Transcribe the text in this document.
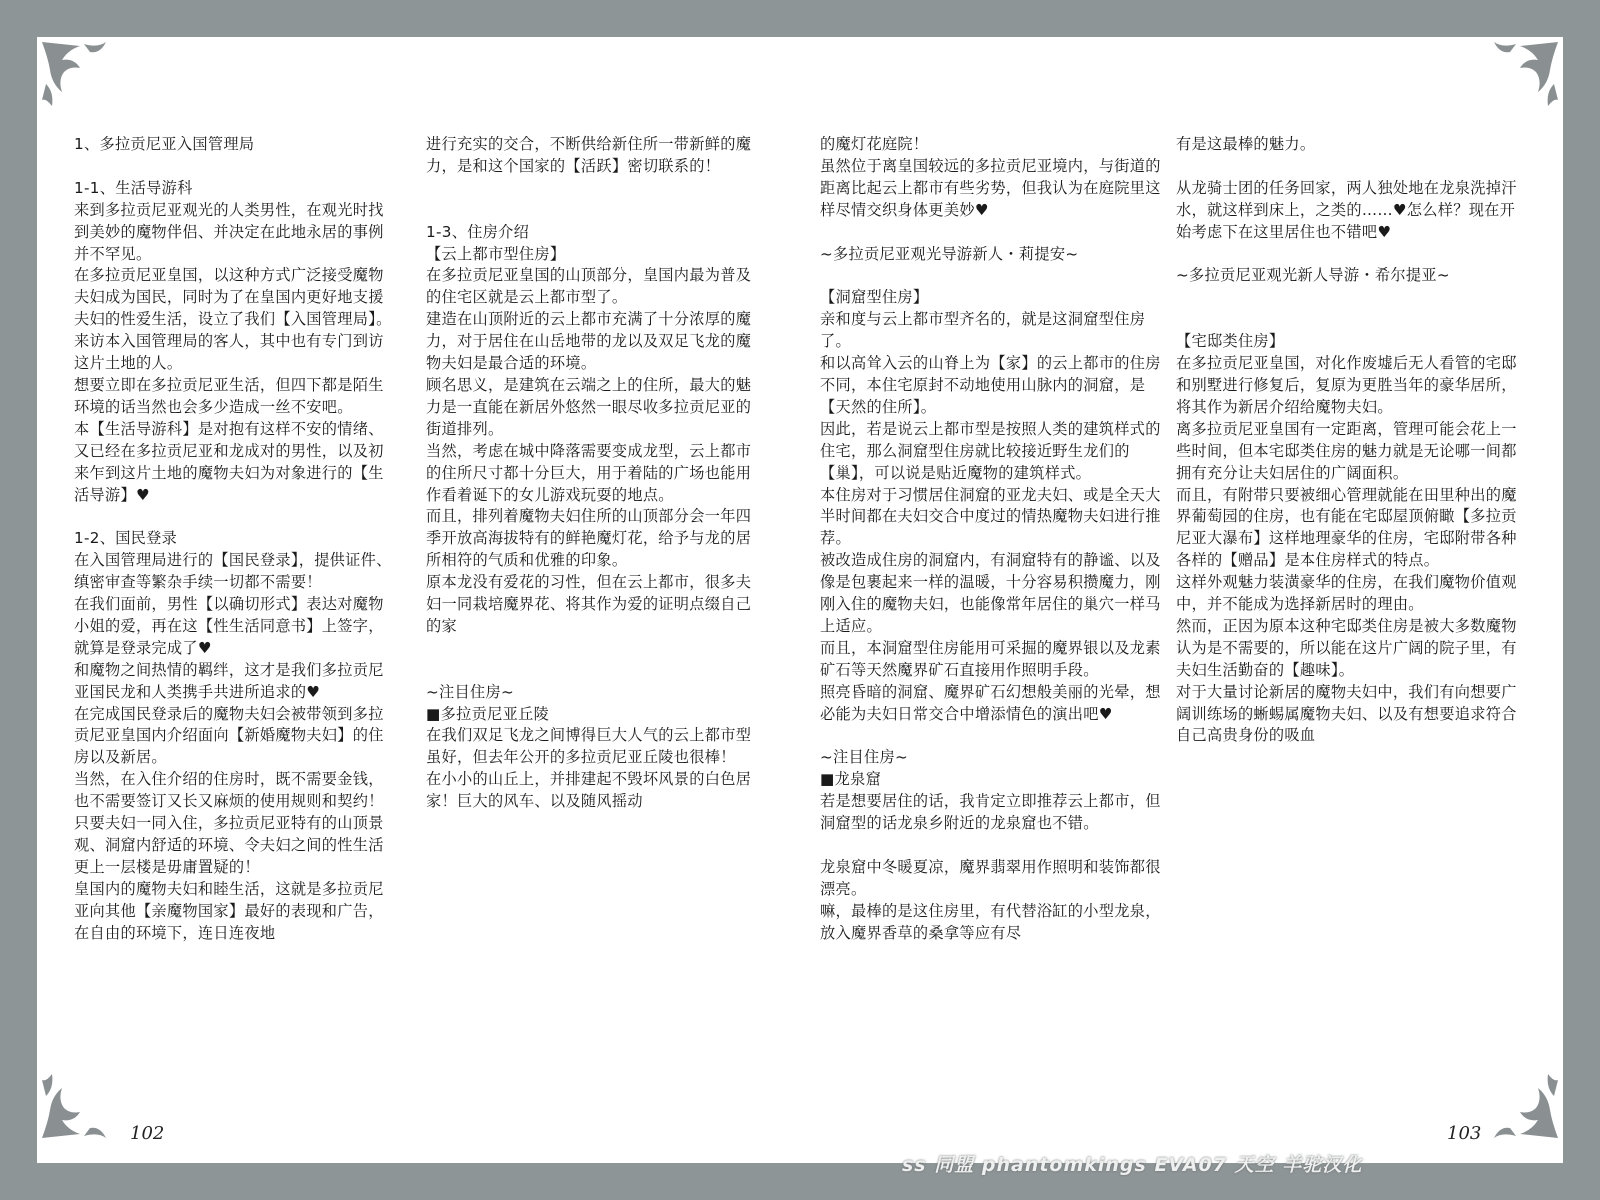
1、多拉贡尼亚入国管理局

1-1、生活导游科

来到多拉贡尼亚观光的人类男性，在观光时找到美妙的魔物伴侣、并决定在此地永居的事例并不罕见。

在多拉贡尼亚皇国，以这种方式广泛接受魔物夫妇成为国民，同时为了在皇国内更好地支援夫妇的性爱生活，设立了我们【入国管理局】。

来访本入国管理局的客人，其中也有专门到访这片土地的人。

想要立即在多拉贡尼亚生活，但四下都是陌生环境的话当然也会多少造成一丝不安吧。

本【生活导游科】是对抱有这样不安的情绪、又已经在多拉贡尼亚和龙成对的男性，以及初来乍到这片土地的魔物夫妇为对象进行的【生活导游】♥

1-2、国民登录

在入国管理局进行的【国民登录】，提供证件、缜密审查等繁杂手续一切都不需要！

在我们面前，男性【以确切形式】表达对魔物小姐的爱，再在这【性生活同意书】上签字，就算是登录完成了♥

和魔物之间热情的羁绊，这才是我们多拉贡尼亚国民龙和人类携手共进所追求的♥

在完成国民登录后的魔物夫妇会被带领到多拉贡尼亚皇国内介绍面向【新婚魔物夫妇】的住房以及新居。

当然，在入住介绍的住房时，既不需要金钱，也不需要签订又长又麻烦的使用规则和契约！

只要夫妇一同入住，多拉贡尼亚特有的山顶景观、洞窟内舒适的环境、令夫妇之间的性生活更上一层楼是毋庸置疑的！

皇国内的魔物夫妇和睦生活，这就是多拉贡尼亚向其他【亲魔物国家】最好的表现和广告，在自由的环境下，连日连夜地

进行充实的交合，不断供给新住所一带新鲜的魔力，是和这个国家的【活跃】密切联系的！

1-3、住房介绍

【云上都市型住房】

在多拉贡尼亚皇国的山顶部分，皇国内最为普及的住宅区就是云上都市型了。

建造在山顶附近的云上都市充满了十分浓厚的魔力，对于居住在山岳地带的龙以及双足飞龙的魔物夫妇是最合适的环境。

顾名思义，是建筑在云端之上的住所，最大的魅力是一直能在新居外悠然一眼尽收多拉贡尼亚的街道排列。

当然，考虑在城中降落需要变成龙型，云上都市的住所尺寸都十分巨大，用于着陆的广场也能用作看着诞下的女儿游戏玩耍的地点。

而且，排列着魔物夫妇住所的山顶部分会一年四季开放高海拔特有的鲜艳魔灯花，给予与龙的居所相符的气质和优雅的印象。

原本龙没有爱花的习性，但在云上都市，很多夫妇一同栽培魔界花、将其作为爱的证明点缀自己的家

~注目住房~

■多拉贡尼亚丘陵

在我们双足飞龙之间博得巨大人气的云上都市型虽好，但去年公开的多拉贡尼亚丘陵也很棒！

在小小的山丘上，并排建起不毁坏风景的白色居家！巨大的风车、以及随风摇动

的魔灯花庭院！

虽然位于离皇国较远的多拉贡尼亚境内，与街道的距离比起云上都市有些劣势，但我认为在庭院里这样尽情交织身体更美妙♥

~多拉贡尼亚观光导游新人・莉提安~

【洞窟型住房】

亲和度与云上都市型齐名的，就是这洞窟型住房了。

和以高耸入云的山脊上为【家】的云上都市的住房不同，本住宅原封不动地使用山脉内的洞窟，是【天然的住所】。

因此，若是说云上都市型是按照人类的建筑样式的住宅，那么洞窟型住房就比较接近野生龙们的【巢】，可以说是贴近魔物的建筑样式。

本住房对于习惯居住洞窟的亚龙夫妇、或是全天大半时间都在夫妇交合中度过的情热魔物夫妇进行推荐。

被改造成住房的洞窟内，有洞窟特有的静谧、以及像是包裹起来一样的温暖，十分容易积攒魔力，刚刚入住的魔物夫妇，也能像常年居住的巢穴一样马上适应。

而且，本洞窟型住房能用可采掘的魔界银以及龙素矿石等天然魔界矿石直接用作照明手段。

照亮昏暗的洞窟、魔界矿石幻想般美丽的光晕，想必能为夫妇日常交合中增添情色的演出吧♥

~注目住房~

■龙泉窟

若是想要居住的话，我肯定立即推荐云上都市，但洞窟型的话龙泉乡附近的龙泉窟也不错。

龙泉窟中冬暖夏凉，魔界翡翠用作照明和装饰都很漂亮。

嘛，最棒的是这住房里，有代替浴缸的小型龙泉，放入魔界香草的桑拿等应有尽

有是这最棒的魅力。

从龙骑士团的任务回家，两人独处地在龙泉洗掉汗水，就这样到床上，之类的……♥怎么样？现在开始考虑下在这里居住也不错吧♥

~多拉贡尼亚观光新人导游・希尔提亚~

【宅邸类住房】

在多拉贡尼亚皇国，对化作废墟后无人看管的宅邸和别墅进行修复后，复原为更胜当年的豪华居所，将其作为新居介绍给魔物夫妇。

离多拉贡尼亚皇国有一定距离，管理可能会花上一些时间，但本宅邸类住房的魅力就是无论哪一间都拥有充分让夫妇居住的广阔面积。

而且，有附带只要被细心管理就能在田里种出的魔界葡萄园的住房，也有能在宅邸屋顶俯瞰【多拉贡尼亚大瀑布】这样地理豪华的住房，宅邸附带各种各样的【赠品】是本住房样式的特点。

这样外观魅力装潢豪华的住房，在我们魔物价值观中，并不能成为选择新居时的理由。

然而，正因为原本这种宅邸类住房是被大多数魔物认为是不需要的，所以能在这片广阔的院子里，有夫妇生活勤奋的【趣味】。

对于大量讨论新居的魔物夫妇中，我们有向想要广阔训练场的蜥蜴属魔物夫妇、以及有想要追求符合自己高贵身份的吸血

102	103
ss 同盟 phantomkings EVA07 天空 羊驼汉化
